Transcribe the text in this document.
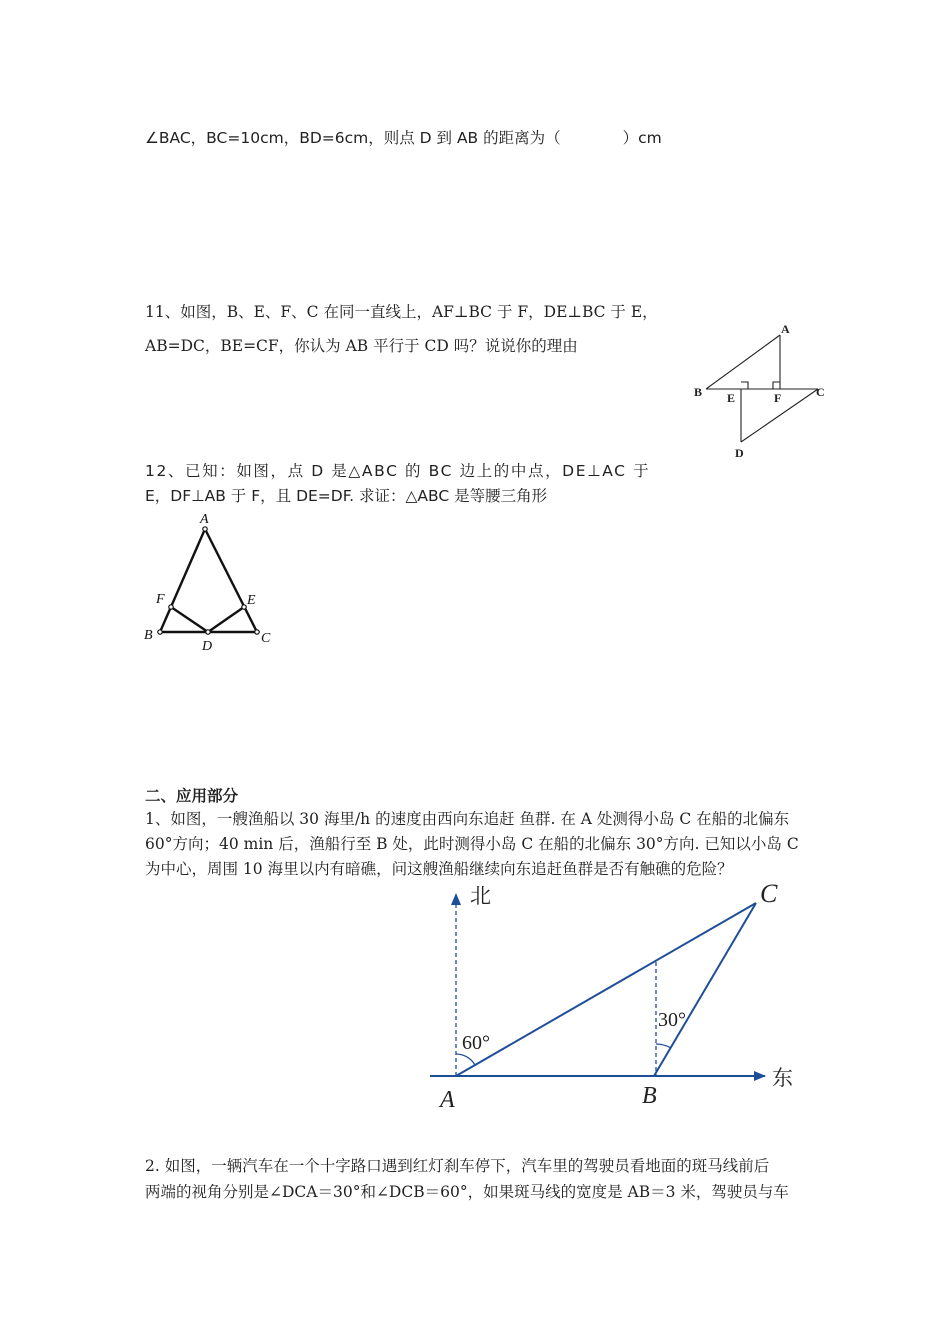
∠BAC，BC=10cm，BD=6cm，则点 D 到 AB 的距离为（　　　　）cm
11、如图，B、E、F、C 在同一直线上，AF⊥BC 于 F，DE⊥BC 于 E，
AB=DC，BE=CF，你认为 AB 平行于 CD 吗？说说你的理由
A
B E	F	C
D
12、已知：如图，点 D 是△ABC 的 BC 边上的中点，DE⊥AC 于
E，DF⊥AB 于 F，且 DE=DF. 求证：△ABC 是等腰三角形
A
F	E
B
D
C
二、应用部分
1、如图，一艘渔船以 30 海里/h 的速度由西向东追赶 鱼群. 在 A 处测得小岛 C 在船的北偏东
60°方向；40 min 后，渔船行至 B 处，此时测得小岛 C 在船的北偏东 30°方向. 已知以小岛 C
为中心，周围 10 海里以内有暗礁，问这艘渔船继续向东追赶鱼群是否有触礁的危险？
北
东
A	B
C
60°
30°
2. 如图，一辆汽车在一个十字路口遇到红灯刹车停下，汽车里的驾驶员看地面的斑马线前后
两端的视角分别是∠DCA＝30°和∠DCB＝60°，如果斑马线的宽度是 AB＝3 米，驾驶员与车
